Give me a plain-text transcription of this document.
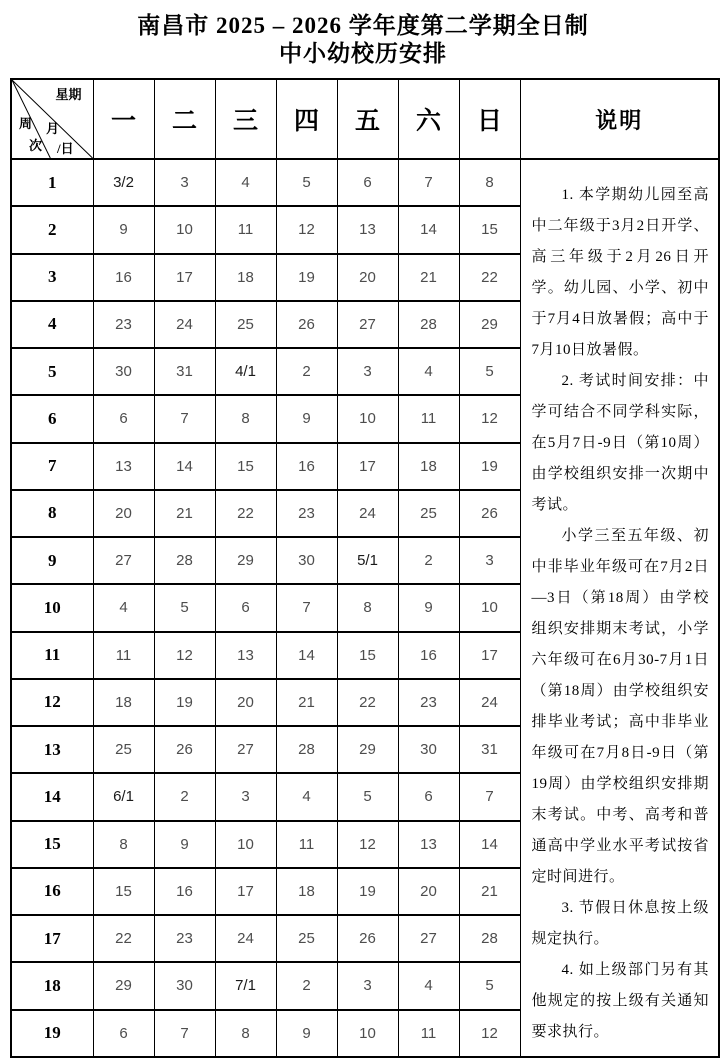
南昌市 2025 – 2026 学年度第二学期全日制
中小幼校历安排
星期
周
次
月
/日	一	二	三	四	五	六	日	说明
1	3/2	3	4	5	6	7	8	1. 本学期幼儿园至高中二年级于3月2日开学、高三年级于2月26日开学。幼儿园、小学、初中于7月4日放暑假；高中于7月10日放暑假。

2. 考试时间安排：中学可结合不同学科实际，在5月7日-9日（第10周）由学校组织安排一次期中考试。

小学三至五年级、初中非毕业年级可在7月2日—3日（第18周）由学校组织安排期末考试，小学六年级可在6月30-7月1日（第18周）由学校组织安排毕业考试；高中非毕业年级可在7月8日-9日（第19周）由学校组织安排期末考试。中考、高考和普通高中学业水平考试按省定时间进行。

3. 节假日休息按上级规定执行。

4. 如上级部门另有其他规定的按上级有关通知要求执行。

2	9	10	11	12	13	14	15	
3	16	17	18	19	20	21	22	
4	23	24	25	26	27	28	29	
5	30	31	4/1	2	3	4	5	
6	6	7	8	9	10	11	12	
7	13	14	15	16	17	18	19	
8	20	21	22	23	24	25	26	
9	27	28	29	30	5/1	2	3	
10	4	5	6	7	8	9	10	
11	11	12	13	14	15	16	17	
12	18	19	20	21	22	23	24	
13	25	26	27	28	29	30	31	
14	6/1	2	3	4	5	6	7	
15	8	9	10	11	12	13	14	
16	15	16	17	18	19	20	21	
17	22	23	24	25	26	27	28	
18	29	30	7/1	2	3	4	5	
19	6	7	8	9	10	11	12	
